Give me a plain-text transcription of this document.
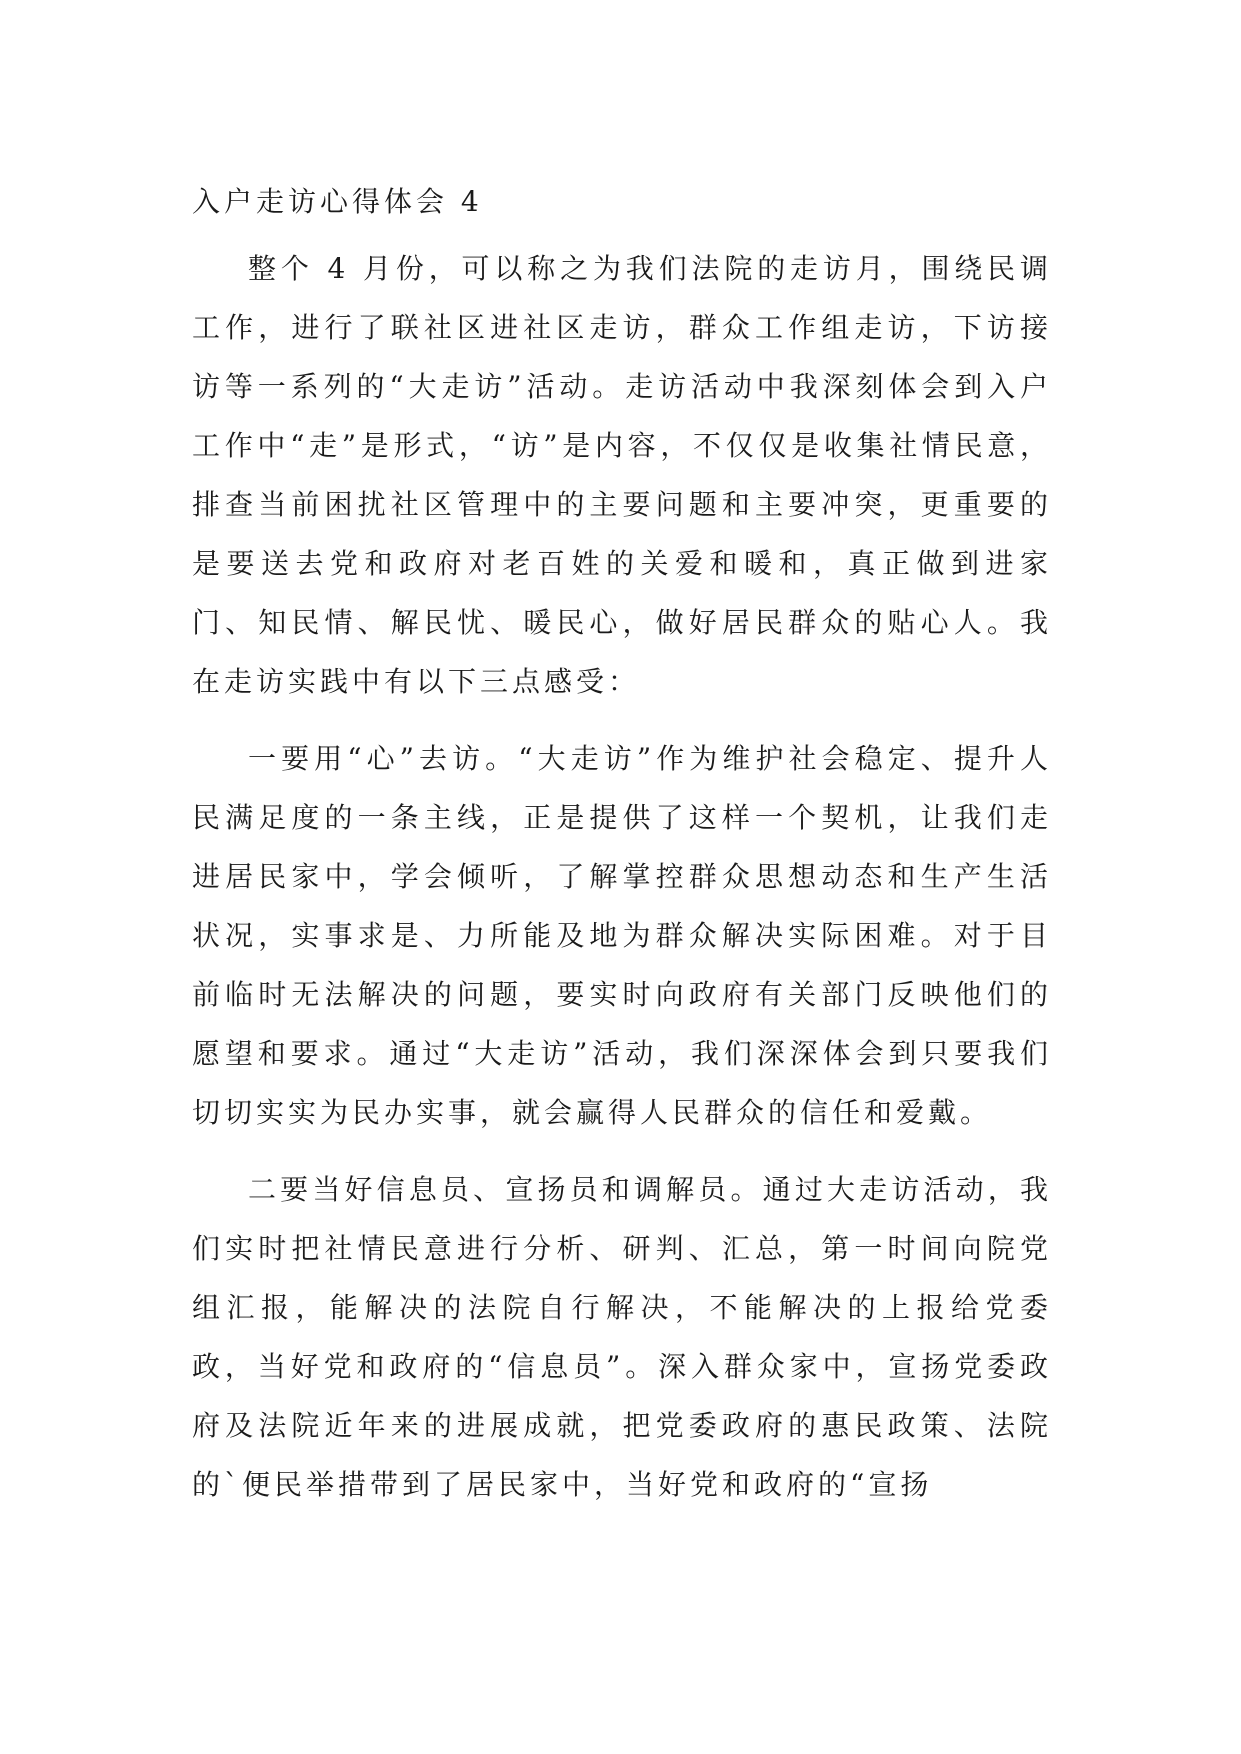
入户走访心得体会 4

整个 4 月份，可以称之为我们法院的走访月，围绕民调工作，进行了联社区进社区走访，群众工作组走访，下访接访等一系列的“大走访”活动。走访活动中我深刻体会到入户工作中“走”是形式，“访”是内容，不仅仅是收集社情民意，排查当前困扰社区管理中的主要问题和主要冲突，更重要的是要送去党和政府对老百姓的关爱和暖和，真正做到进家门、知民情、解民忧、暖民心，做好居民群众的贴心人。我在走访实践中有以下三点感受：

一要用“心”去访。“大走访”作为维护社会稳定、提升人民满足度的一条主线，正是提供了这样一个契机，让我们走进居民家中，学会倾听，了解掌控群众思想动态和生产生活状况，实事求是、力所能及地为群众解决实际困难。对于目前临时无法解决的问题，要实时向政府有关部门反映他们的愿望和要求。通过“大走访”活动，我们深深体会到只要我们切切实实为民办实事，就会赢得人民群众的信任和爱戴。

二要当好信息员、宣扬员和调解员。通过大走访活动，我们实时把社情民意进行分析、研判、汇总，第一时间向院党组汇报，能解决的法院自行解决，不能解决的上报给党委政，当好党和政府的“信息员”。深入群众家中，宣扬党委政府及法院近年来的进展成就，把党委政府的惠民政策、法院的`便民举措带到了居民家中，当好党和政府的“宣扬
